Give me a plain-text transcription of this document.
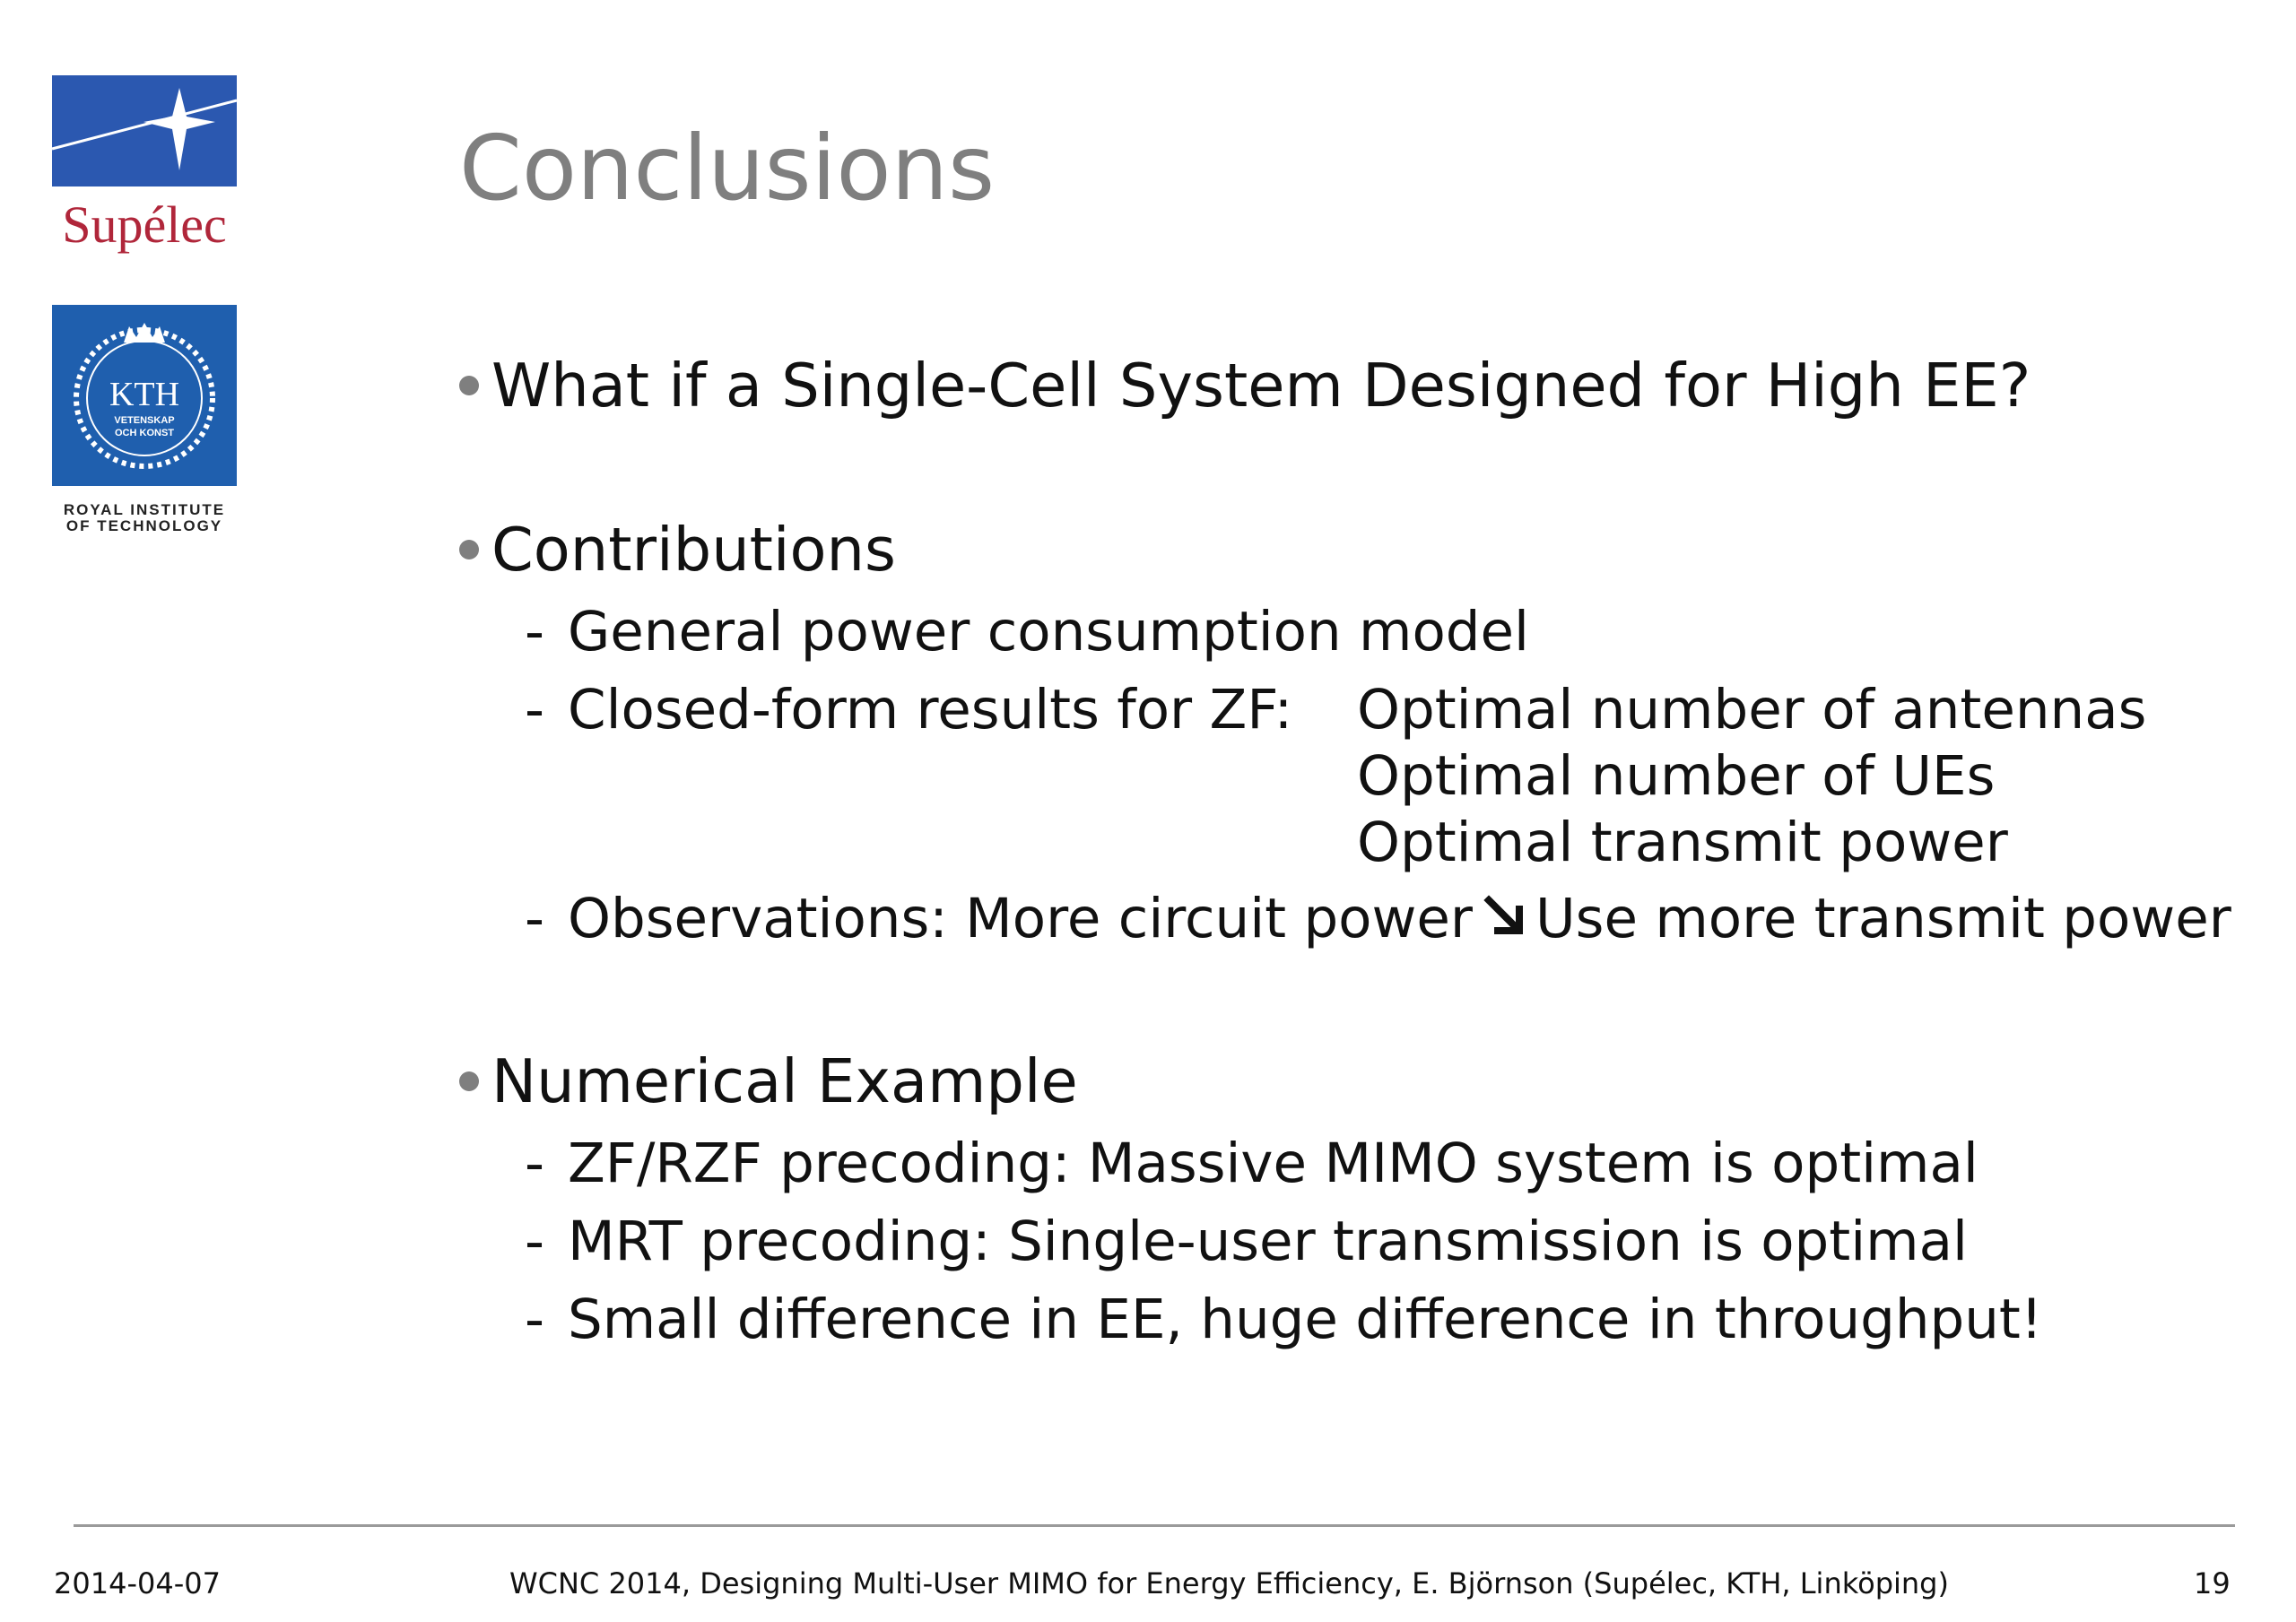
Supélec
KTH
VETENSKAP
OCH KONST
ROYAL INSTITUTE
OF TECHNOLOGY
Conclusions
What if a Single-Cell System Designed for High EE?
Contributions
- General power consumption model
- Closed-form results for ZF: Optimal number of antennas
Optimal number of UEs
Optimal transmit power
- Observations: More circuit power Use more transmit power
Numerical Example
- ZF/RZF precoding: Massive MIMO system is optimal
- MRT precoding: Single-user transmission is optimal
- Small difference in EE, huge difference in throughput!
2014-04-07	WCNC 2014, Designing Multi-User MIMO for Energy Efficiency, E. Björnson (Supélec, KTH, Linköping)	19
